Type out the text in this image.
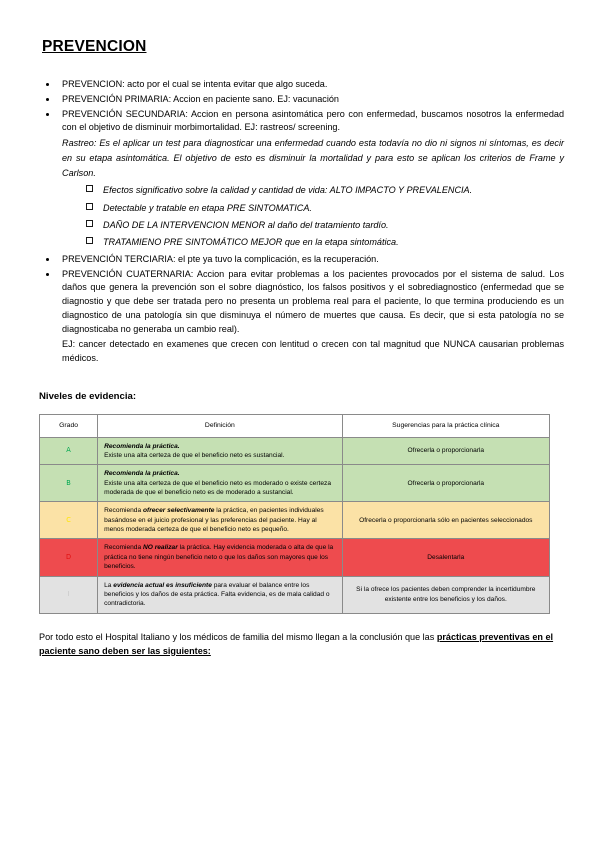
PREVENCION
PREVENCION: acto por el cual se intenta evitar que algo suceda.
PREVENCIÓN PRIMARIA: Accion en paciente sano. EJ: vacunación
PREVENCIÓN SECUNDARIA: Accion en persona asintomática pero con enfermedad, buscamos nosotros la enfermedad con el objetivo de disminuir morbimortalidad. EJ: rastreos/ screening.
Rastreo: Es el aplicar un test para diagnosticar una enfermedad cuando esta todavía no dio ni signos ni síntomas, es decir en su etapa asintomática. El objetivo de esto es disminuir la mortalidad y para esto se aplican los criterios de Frame y Carlson.
Efectos significativo sobre la calidad y cantidad de vida: ALTO IMPACTO Y PREVALENCIA.
Detectable y tratable en etapa PRE SINTOMATICA.
DAÑO DE LA INTERVENCION MENOR al daño del tratamiento tardío.
TRATAMIENO PRE SINTOMÁTICO MEJOR que en la etapa sintomática.
PREVENCIÓN TERCIARIA: el pte ya tuvo la complicación, es la recuperación.
PREVENCIÓN CUATERNARIA: Accion para evitar problemas a los pacientes provocados por el sistema de salud. Los daños que genera la prevención son el sobre diagnóstico, los falsos positivos y el sobrediagnostico (enfermedad que se diagnostio y que debe ser tratada pero no presenta un problema real para el paciente, lo que termina produciendo es un diagnostico de una patología sin que disminuya el número de muertes que causa. Es decir, que si esta patología no se diagnosticaba no generaba un cambio real).
EJ: cancer detectado en examenes que crecen con lentitud o crecen con tal magnitud que NUNCA causarian problemas médicos.
Niveles de evidencia:
Grado	Definición	Sugerencias para la práctica clínica
A	Recomienda la práctica.
Existe una alta certeza de que el beneficio neto es sustancial.	Ofrecerla o proporcionarla
B	Recomienda la práctica.
Existe una alta certeza de que el beneficio neto es moderado o existe certeza moderada de que el beneficio neto es de moderado a sustancial.	Ofrecerla o proporcionarla
C	Recomienda ofrecer selectivamente la práctica, en pacientes individuales basándose en el juicio profesional y las preferencias del paciente. Hay al menos moderada certeza de que el beneficio neto es pequeño.	Ofrecerla o proporcionarla sólo en pacientes seleccionados
D	Recomienda NO realizar la práctica. Hay evidencia moderada o alta de que la práctica no tiene ningún beneficio neto o que los daños son mayores que los beneficios.	Desalentarla
I	La evidencia actual es insuficiente para evaluar el balance entre los beneficios y los daños de esta práctica. Falta evidencia, es de mala calidad o contradictoria.	Si la ofrece los pacientes deben comprender la incertidumbre existente entre los beneficios y los daños.
Por todo esto el Hospital Italiano y los médicos de familia del mismo llegan a la conclusión que las prácticas preventivas en el paciente sano deben ser las siguientes:
